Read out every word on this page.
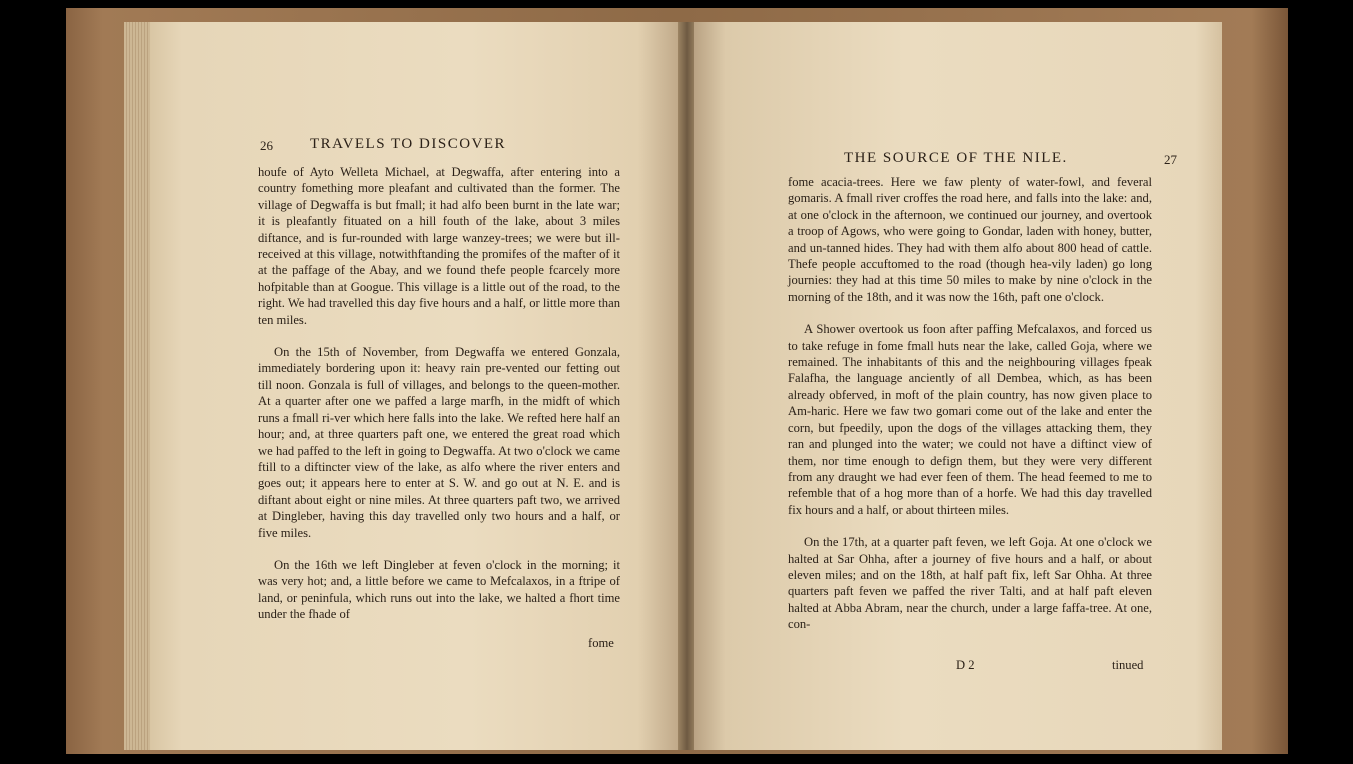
26 TRAVELS TO DISCOVER

houfe of Ayto Welleta Michael, at Degwaffa, after entering into a country fomething more pleafant and cultivated than the former. The village of Degwaffa is but fmall; it had alfo been burnt in the late war; it is pleafantly fituated on a hill fouth of the lake, about 3 miles diftance, and is fur-rounded with large wanzey-trees; we were but ill-received at this village, notwithftanding the promifes of the mafter of it at the paffage of the Abay, and we found thefe people fcarcely more hofpitable than at Googue. This village is a little out of the road, to the right. We had travelled this day five hours and a half, or little more than ten miles.

On the 15th of November, from Degwaffa we entered Gonzala, immediately bordering upon it: heavy rain pre-vented our fetting out till noon. Gonzala is full of villages, and belongs to the queen-mother. At a quarter after one we paffed a large marfh, in the midft of which runs a fmall ri-ver which here falls into the lake. We refted here half an hour; and, at three quarters paft one, we entered the great road which we had paffed to the left in going to Degwaffa. At two o'clock we came ftill to a diftincter view of the lake, as alfo where the river enters and goes out; it appears here to enter at S. W. and go out at N. E. and is diftant about eight or nine miles. At three quarters paft two, we arrived at Dingleber, having this day travelled only two hours and a half, or five miles.

On the 16th we left Dingleber at feven o'clock in the morning; it was very hot; and, a little before we came to Mefcalaxos, in a ftripe of land, or peninfula, which runs out into the lake, we halted a fhort time under the fhade of

fome
THE SOURCE OF THE NILE.	27

fome acacia-trees. Here we faw plenty of water-fowl, and feveral gomaris. A fmall river croffes the road here, and falls into the lake: and, at one o'clock in the afternoon, we continued our journey, and overtook a troop of Agows, who were going to Gondar, laden with honey, butter, and un-tanned hides. They had with them alfo about 800 head of cattle. Thefe people accuftomed to the road (though hea-vily laden) go long journies: they had at this time 50 miles to make by nine o'clock in the morning of the 18th, and it was now the 16th, paft one o'clock.

A Shower overtook us foon after paffing Mefcalaxos, and forced us to take refuge in fome fmall huts near the lake, called Goja, where we remained. The inhabitants of this and the neighbouring villages fpeak Falafha, the language anciently of all Dembea, which, as has been already obferved, in moft of the plain country, has now given place to Am-haric. Here we faw two gomari come out of the lake and enter the corn, but fpeedily, upon the dogs of the villages attacking them, they ran and plunged into the water; we could not have a diftinct view of them, nor time enough to defign them, but they were very different from any draught we had ever feen of them. The head feemed to me to refemble that of a hog more than of a horfe. We had this day travelled fix hours and a half, or about thirteen miles.

On the 17th, at a quarter paft feven, we left Goja. At one o'clock we halted at Sar Ohha, after a journey of five hours and a half, or about eleven miles; and on the 18th, at half paft fix, left Sar Ohha. At three quarters paft feven we paffed the river Talti, and at half paft eleven halted at Abba Abram, near the church, under a large faffa-tree. At one, con-

D 2	tinued
